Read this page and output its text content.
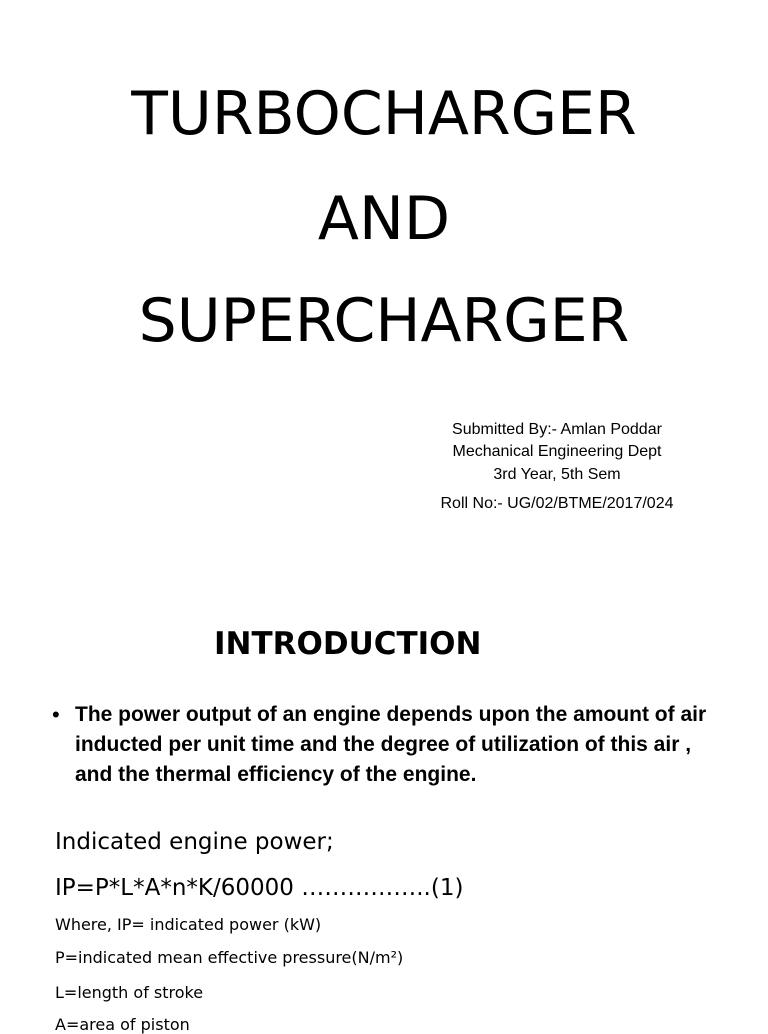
TURBOCHARGER
AND
SUPERCHARGER
Submitted By:- Amlan Poddar
Mechanical Engineering Dept
3rd Year, 5th Sem
Roll No:- UG/02/BTME/2017/024
INTRODUCTION
• The power output of an engine depends upon the amount of air inducted per unit time and the degree of utilization of this air , and the thermal efficiency of the engine.
Indicated engine power;
IP=P*L*A*n*K/60000 ……………..(1)
Where, IP= indicated power (kW)
P=indicated mean effective pressure(N/m²)
L=length of stroke
A=area of piston
